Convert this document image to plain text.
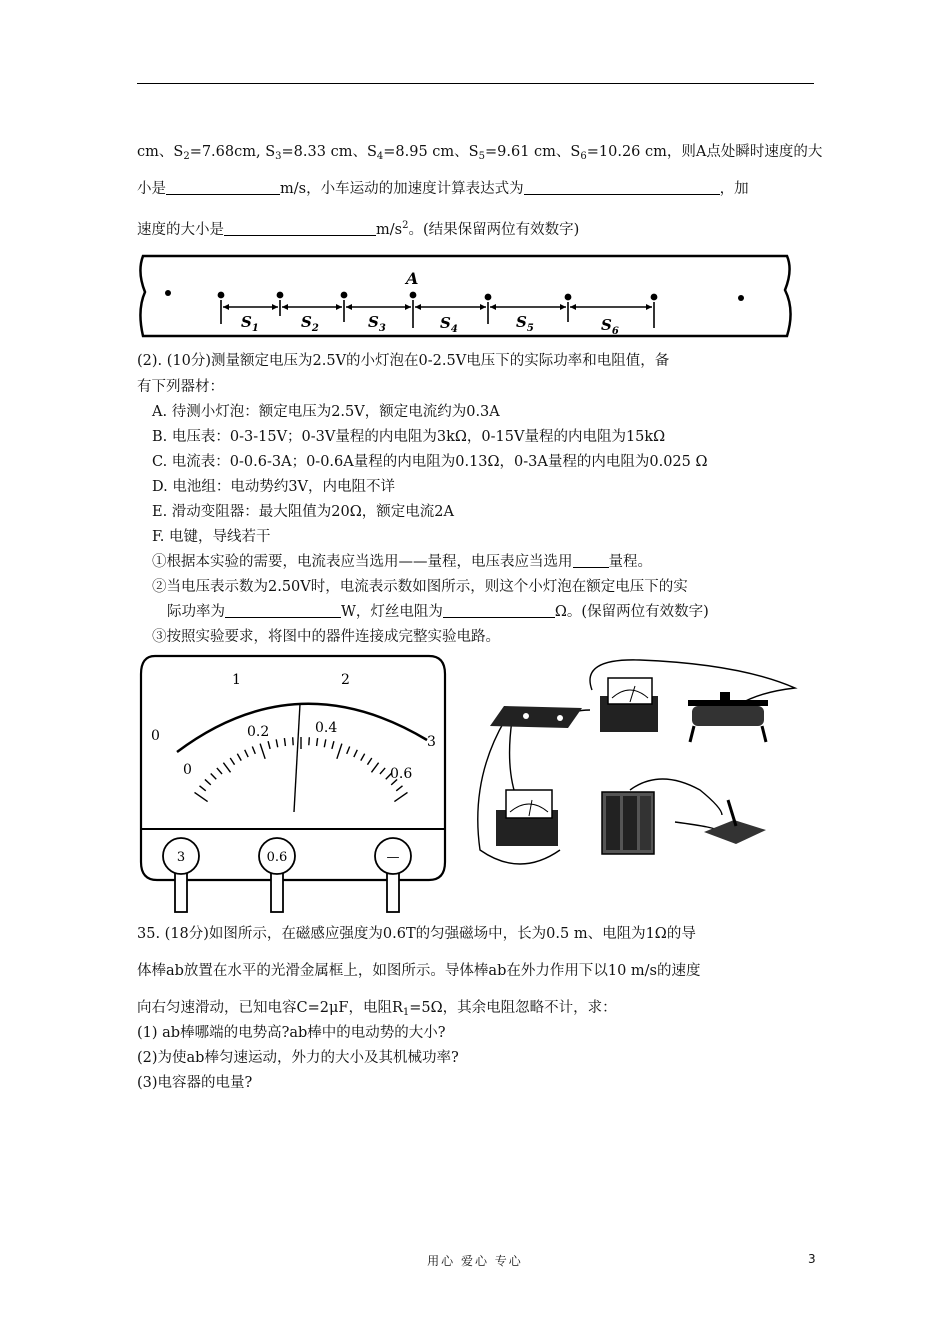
cm、$S_2=7.68cm$, $S_3=8.33$ cm、$S_4=8.95$ cm、$S_5=9.61$ cm、$S_6=10.26$ cm，则A点处瞬时速度的大
小是	m/s，小车运动的加速度计算表达式为	，加
速度的大小是	$m/s^2$。(结果保留两位有效数字)
A
$S_1$	$S_2$	$S_3$	$S_4$	$S_5$	$S_6$
(2). (10分)测量额定电压为2.5V的小灯泡在0-2.5V电压下的实际功率和电阻值，备
有下列器材：
A. 待测小灯泡：额定电压为2.5V，额定电流约为0.3A
B. 电压表：0-3-15V；0-3V量程的内电阻为3kΩ，0-15V量程的内电阻为15kΩ
C. 电流表：0-0.6-3A；0-0.6A量程的内电阻为0.13Ω，0-3A量程的内电阻为0.025 Ω
D. 电池组：电动势约3V，内电阻不详
E. 滑动变阻器：最大阻值为20Ω，额定电流2A
F. 电键，导线若干
①根据本实验的需要，电流表应当选用——量程，电压表应当选用 量程。
②当电压表示数为2.50V时，电流表示数如图所示，则这个小灯泡在额定电压下的实
际功率为	W，灯丝电阻为	Ω。(保留两位有效数字)
③按照实验要求，将图中的器件连接成完整实验电路。
0
1	2
3
0
0.2	0.4
0.6
3	0.6	—
35. (18分)如图所示，在磁感应强度为0.6T的匀强磁场中，长为0.5 m、电阻为1Ω的导
体棒ab放置在水平的光滑金属框上，如图所示。导体棒ab在外力作用下以10 m/s的速度
向右匀速滑动，已知电容C=2μF，电阻$R_1=5\Omega$，其余电阻忽略不计，求：
(1) ab棒哪端的电势高?ab棒中的电动势的大小?
(2)为使ab棒匀速运动，外力的大小及其机械功率?
(3)电容器的电量?
用心 爱心 专心	3
